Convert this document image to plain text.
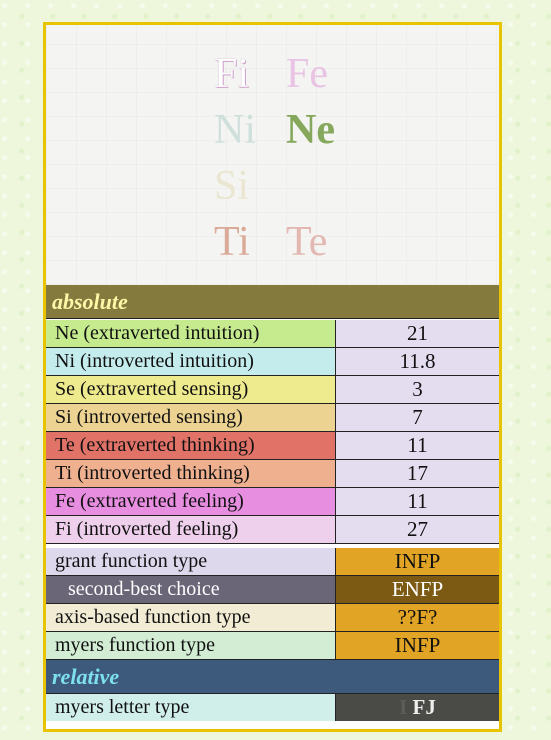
Fi Fe
Ni Ne
Si
Ti Te
absolute
Ne (extraverted intuition)	21
Ni (introverted intuition)	11.8
Se (extraverted sensing)	3
Si (introverted sensing)	7
Te (extraverted thinking)	11
Ti (introverted thinking)	17
Fe (extraverted feeling)	11
Fi (introverted feeling)	27
grant function type	INFP
second-best choice	ENFP
axis-based function type	??F?
myers function type	INFP
relative
myers letter type	I FJ
